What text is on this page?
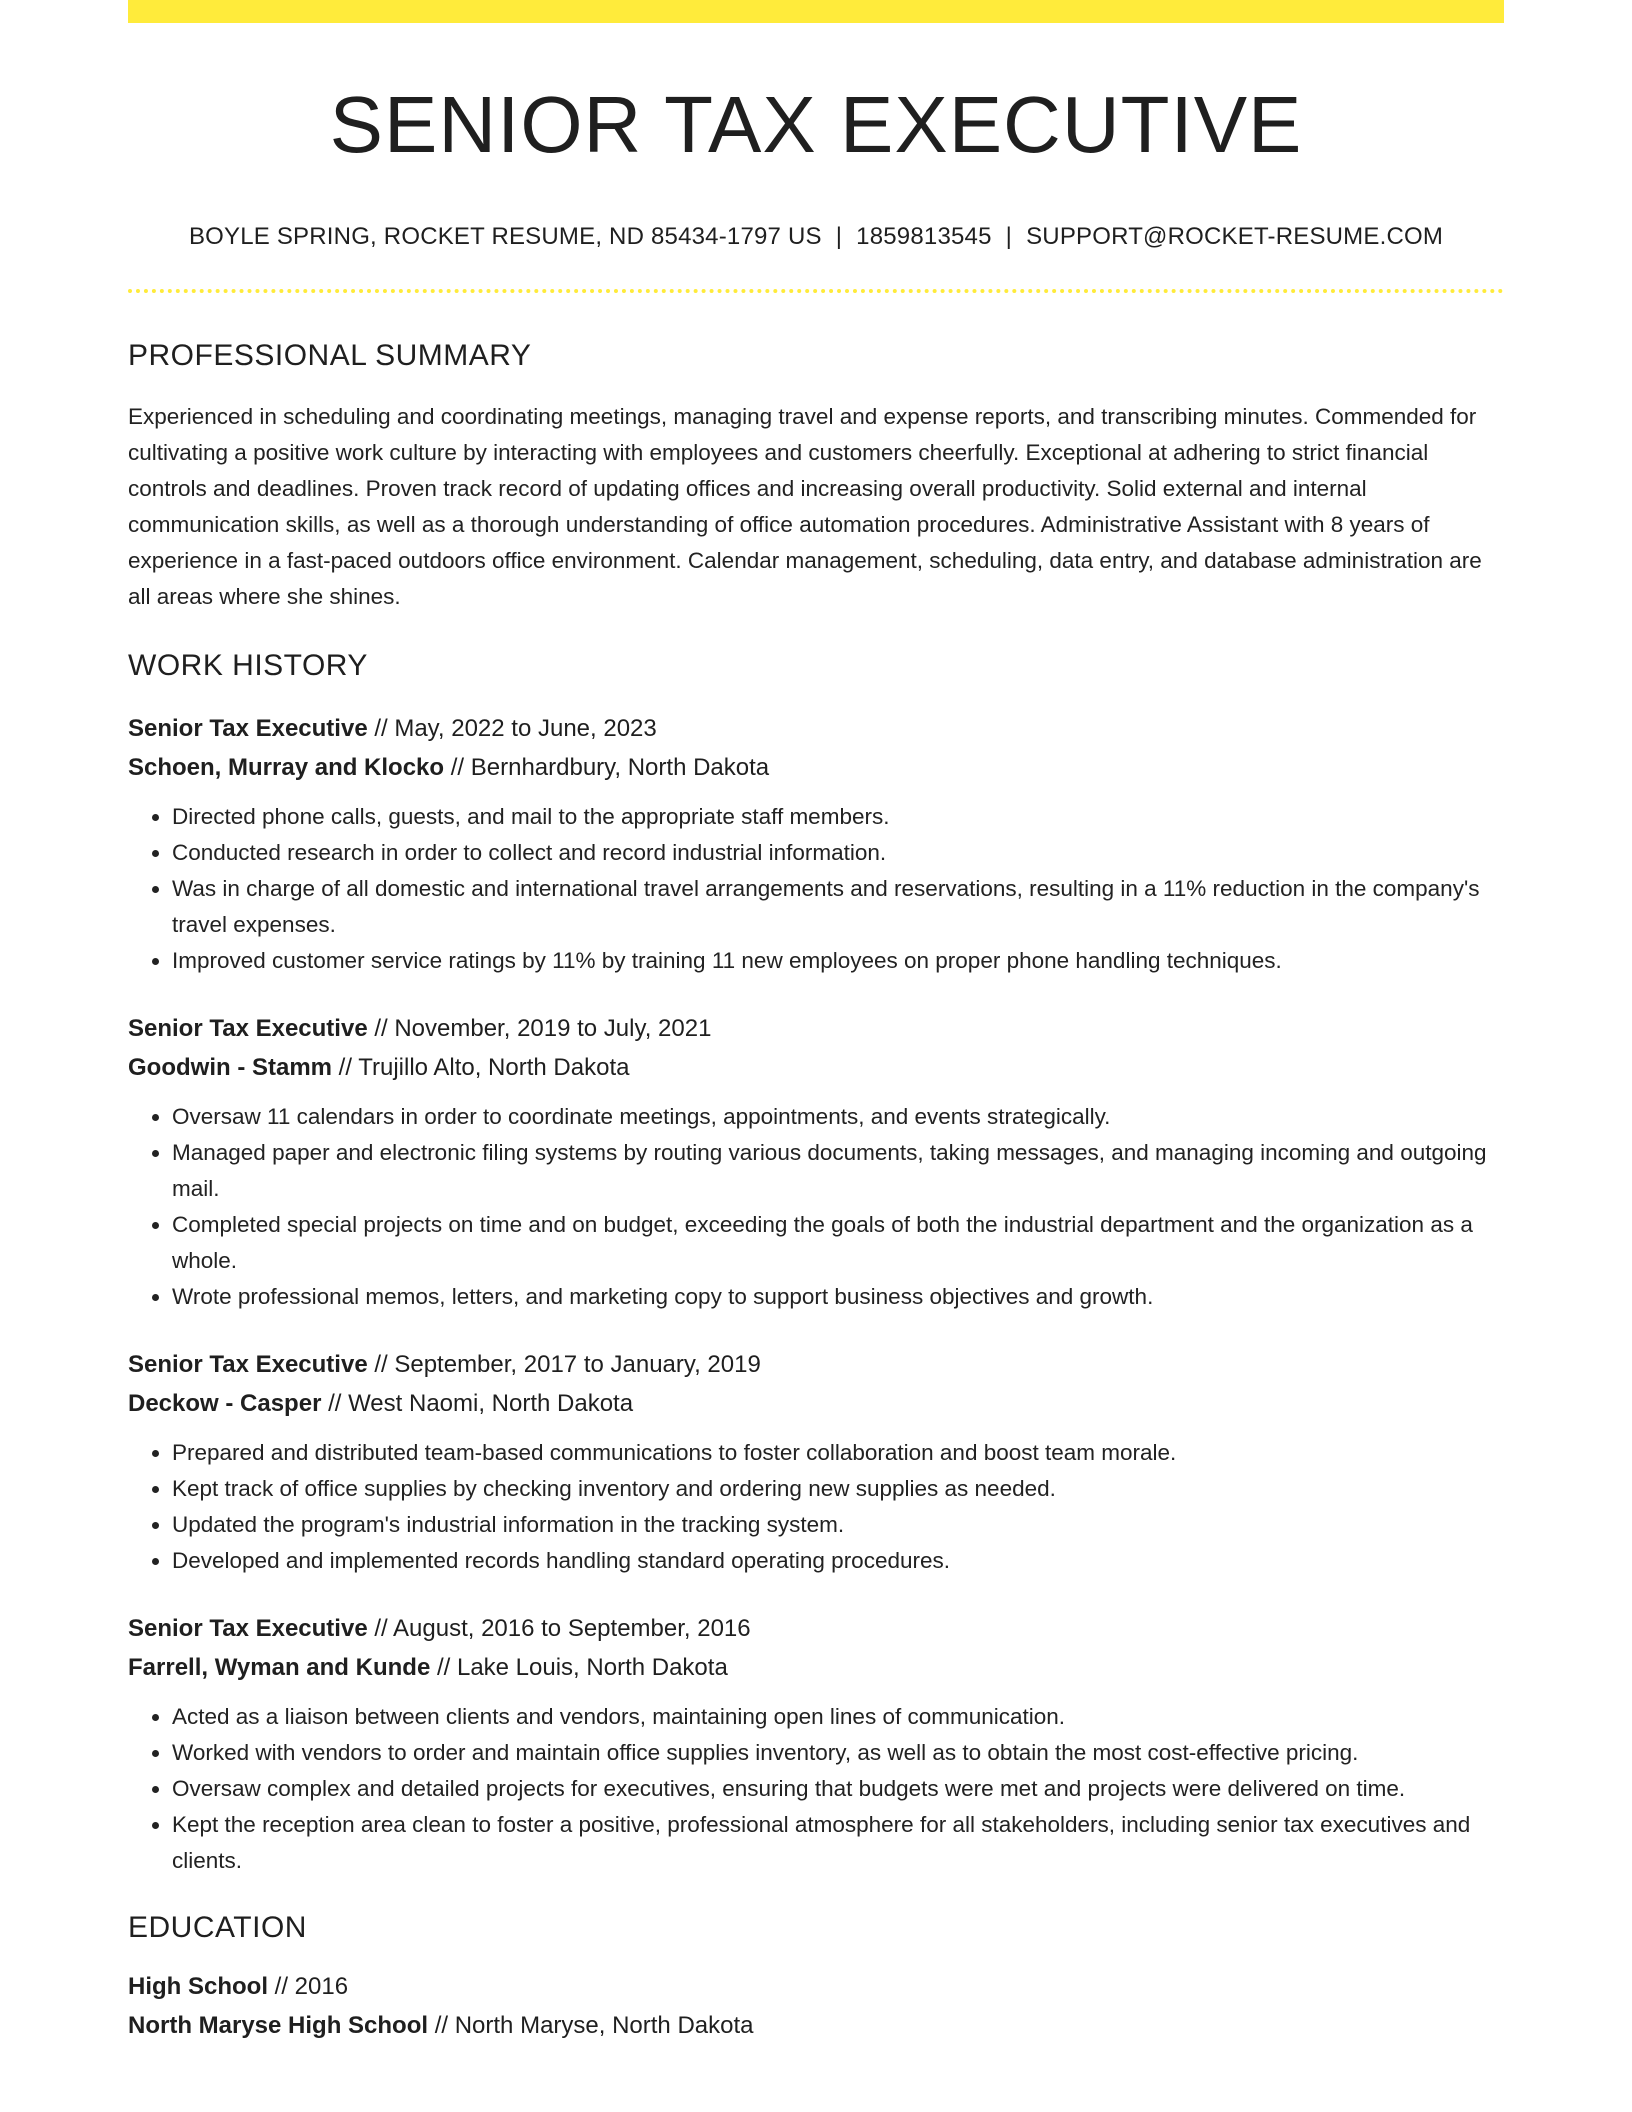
SENIOR TAX EXECUTIVE
BOYLE SPRING, ROCKET RESUME, ND 85434-1797 US | 1859813545 | SUPPORT@ROCKET-RESUME.COM
PROFESSIONAL SUMMARY
Experienced in scheduling and coordinating meetings, managing travel and expense reports, and transcribing minutes. Commended for cultivating a positive work culture by interacting with employees and customers cheerfully. Exceptional at adhering to strict financial controls and deadlines. Proven track record of updating offices and increasing overall productivity. Solid external and internal communication skills, as well as a thorough understanding of office automation procedures. Administrative Assistant with 8 years of experience in a fast-paced outdoors office environment. Calendar management, scheduling, data entry, and database administration are all areas where she shines.
WORK HISTORY
Senior Tax Executive // May, 2022 to June, 2023
Schoen, Murray and Klocko // Bernhardbury, North Dakota
• Directed phone calls, guests, and mail to the appropriate staff members.
• Conducted research in order to collect and record industrial information.
• Was in charge of all domestic and international travel arrangements and reservations, resulting in a 11% reduction in the company's travel expenses.
• Improved customer service ratings by 11% by training 11 new employees on proper phone handling techniques.
Senior Tax Executive // November, 2019 to July, 2021
Goodwin - Stamm // Trujillo Alto, North Dakota
• Oversaw 11 calendars in order to coordinate meetings, appointments, and events strategically.
• Managed paper and electronic filing systems by routing various documents, taking messages, and managing incoming and outgoing mail.
• Completed special projects on time and on budget, exceeding the goals of both the industrial department and the organization as a whole.
• Wrote professional memos, letters, and marketing copy to support business objectives and growth.
Senior Tax Executive // September, 2017 to January, 2019
Deckow - Casper // West Naomi, North Dakota
• Prepared and distributed team-based communications to foster collaboration and boost team morale.
• Kept track of office supplies by checking inventory and ordering new supplies as needed.
• Updated the program's industrial information in the tracking system.
• Developed and implemented records handling standard operating procedures.
Senior Tax Executive // August, 2016 to September, 2016
Farrell, Wyman and Kunde // Lake Louis, North Dakota
• Acted as a liaison between clients and vendors, maintaining open lines of communication.
• Worked with vendors to order and maintain office supplies inventory, as well as to obtain the most cost-effective pricing.
• Oversaw complex and detailed projects for executives, ensuring that budgets were met and projects were delivered on time.
• Kept the reception area clean to foster a positive, professional atmosphere for all stakeholders, including senior tax executives and clients.
EDUCATION
High School // 2016
North Maryse High School // North Maryse, North Dakota
